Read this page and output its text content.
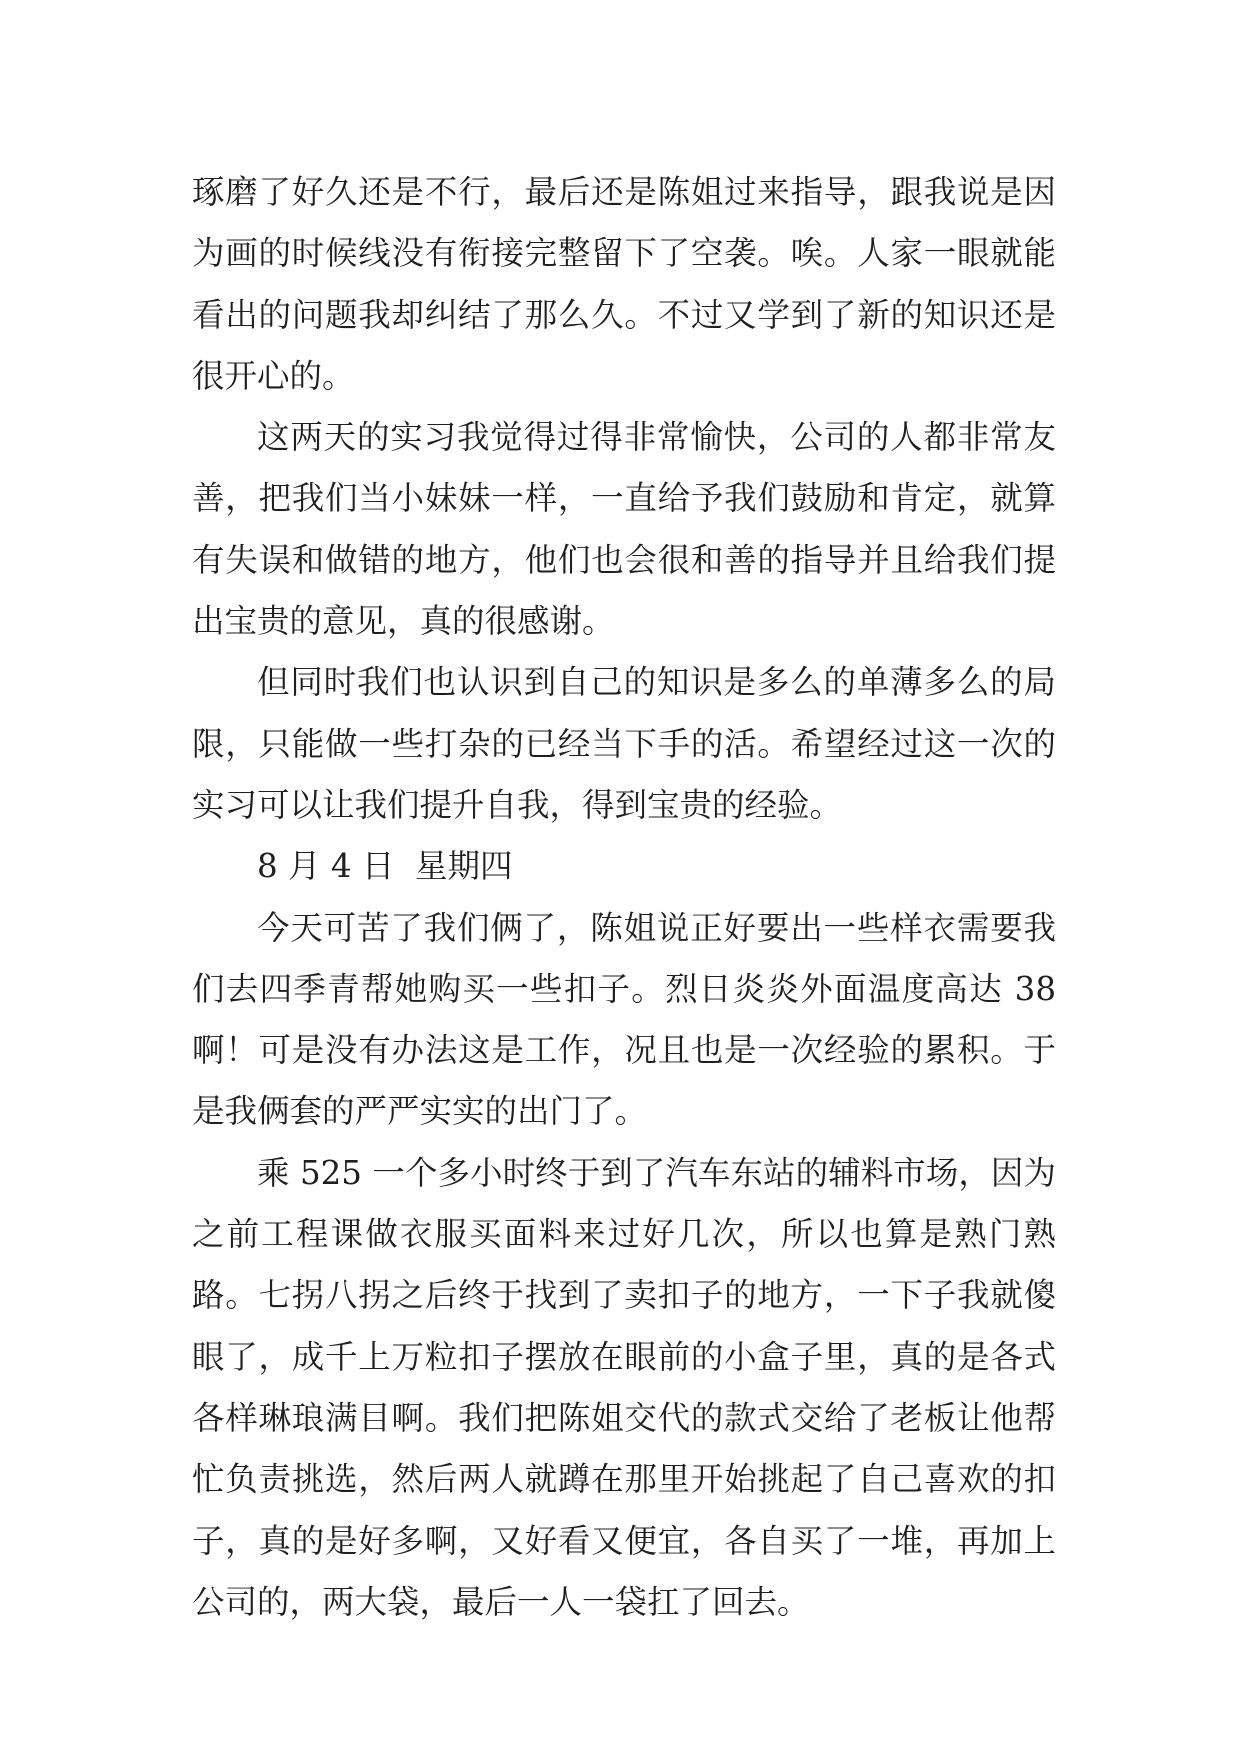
琢磨了好久还是不行，最后还是陈姐过来指导，跟我说是因为画的时候线没有衔接完整留下了空袭。唉。人家一眼就能看出的问题我却纠结了那么久。不过又学到了新的知识还是很开心的。

这两天的实习我觉得过得非常愉快，公司的人都非常友善，把我们当小妹妹一样，一直给予我们鼓励和肯定，就算有失误和做错的地方，他们也会很和善的指导并且给我们提出宝贵的意见，真的很感谢。

但同时我们也认识到自己的知识是多么的单薄多么的局限，只能做一些打杂的已经当下手的活。希望经过这一次的实习可以让我们提升自我，得到宝贵的经验。

8 月 4 日  星期四

今天可苦了我们俩了，陈姐说正好要出一些样衣需要我们去四季青帮她购买一些扣子。烈日炎炎外面温度高达 38 啊！可是没有办法这是工作，况且也是一次经验的累积。于是我俩套的严严实实的出门了。

乘 525 一个多小时终于到了汽车东站的辅料市场，因为之前工程课做衣服买面料来过好几次，所以也算是熟门熟路。七拐八拐之后终于找到了卖扣子的地方，一下子我就傻眼了，成千上万粒扣子摆放在眼前的小盒子里，真的是各式各样琳琅满目啊。我们把陈姐交代的款式交给了老板让他帮忙负责挑选，然后两人就蹲在那里开始挑起了自己喜欢的扣子，真的是好多啊，又好看又便宜，各自买了一堆，再加上公司的，两大袋，最后一人一袋扛了回去。
